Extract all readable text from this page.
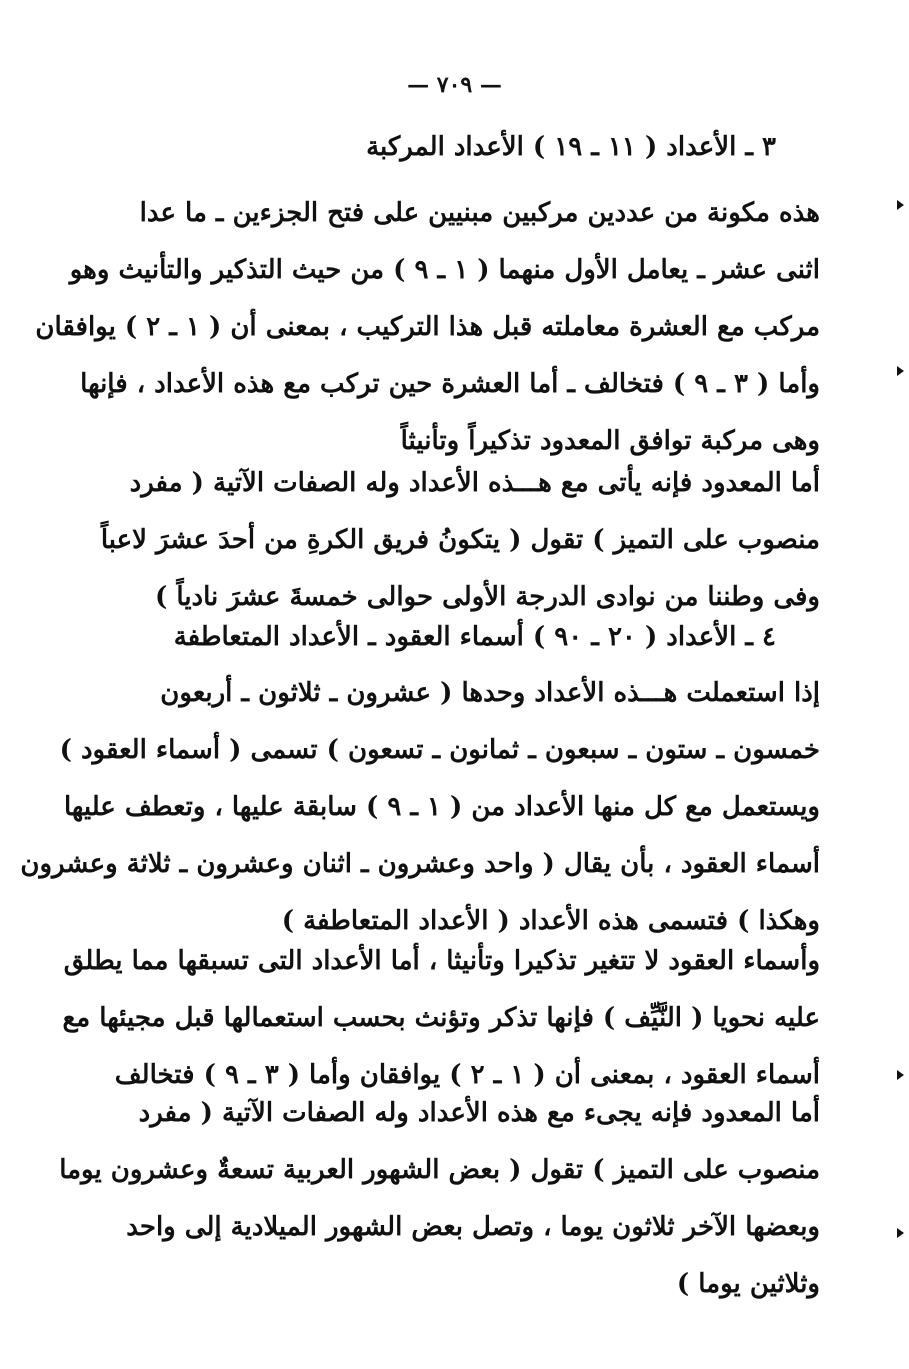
— ٧٠٩ —
٣ ـ الأعداد ( ١١ ـ ١٩ ) الأعداد المركبة
هذه مكونة من عددين مركبين مبنيين على فتح الجزءين ـ ما عدا
اثنى عشر ـ يعامل الأول منهما ( ١ ـ ٩ ) من حيث التذكير والتأنيث وهو
مركب مع العشرة معاملته قبل هذا التركيب ، بمعنى أن ( ١ ـ ٢ ) يوافقان
وأما ( ٣ ـ ٩ ) فتخالف ـ أما العشرة حين تركب مع هذه الأعداد ، فإنها
وهى مركبة توافق المعدود تذكيراً وتأنيثاً
أما المعدود فإنه يأتى مع هـــذه الأعداد وله الصفات الآتية ( مفرد
منصوب على التميز ) تقول ( يتكونُ فريق الكرةِ من أحدَ عشرَ لاعباً
وفى وطننا من نوادى الدرجة الأولى حوالى خمسةَ عشرَ نادياً )
٤ ـ الأعداد ( ٢٠ ـ ٩٠ ) أسماء العقود ـ الأعداد المتعاطفة
إذا استعملت هـــذه الأعداد وحدها ( عشرون ـ ثلاثون ـ أربعون
خمسون ـ ستون ـ سبعون ـ ثمانون ـ تسعون ) تسمى ( أسماء العقود )
ويستعمل مع كل منها الأعداد من ( ١ ـ ٩ ) سابقة عليها ، وتعطف عليها
أسماء العقود ، بأن يقال ( واحد وعشرون ـ اثنان وعشرون ـ ثلاثة وعشرون
وهكذا ) فتسمى هذه الأعداد ( الأعداد المتعاطفة )
وأسماء العقود لا تتغير تذكيرا وتأنيثا ، أما الأعداد التى تسبقها مما يطلق
عليه نحويا ( النَّيِّف ) فإنها تذكر وتؤنث بحسب استعمالها قبل مجيئها مع
أسماء العقود ، بمعنى أن ( ١ ـ ٢ ) يوافقان وأما ( ٣ ـ ٩ ) فتخالف
أما المعدود فإنه يجىء مع هذه الأعداد وله الصفات الآتية ( مفرد
منصوب على التميز ) تقول ( بعض الشهور العربية تسعةٌ وعشرون يوما
وبعضها الآخر ثلاثون يوما ، وتصل بعض الشهور الميلادية إلى واحد
وثلاثين يوما )
